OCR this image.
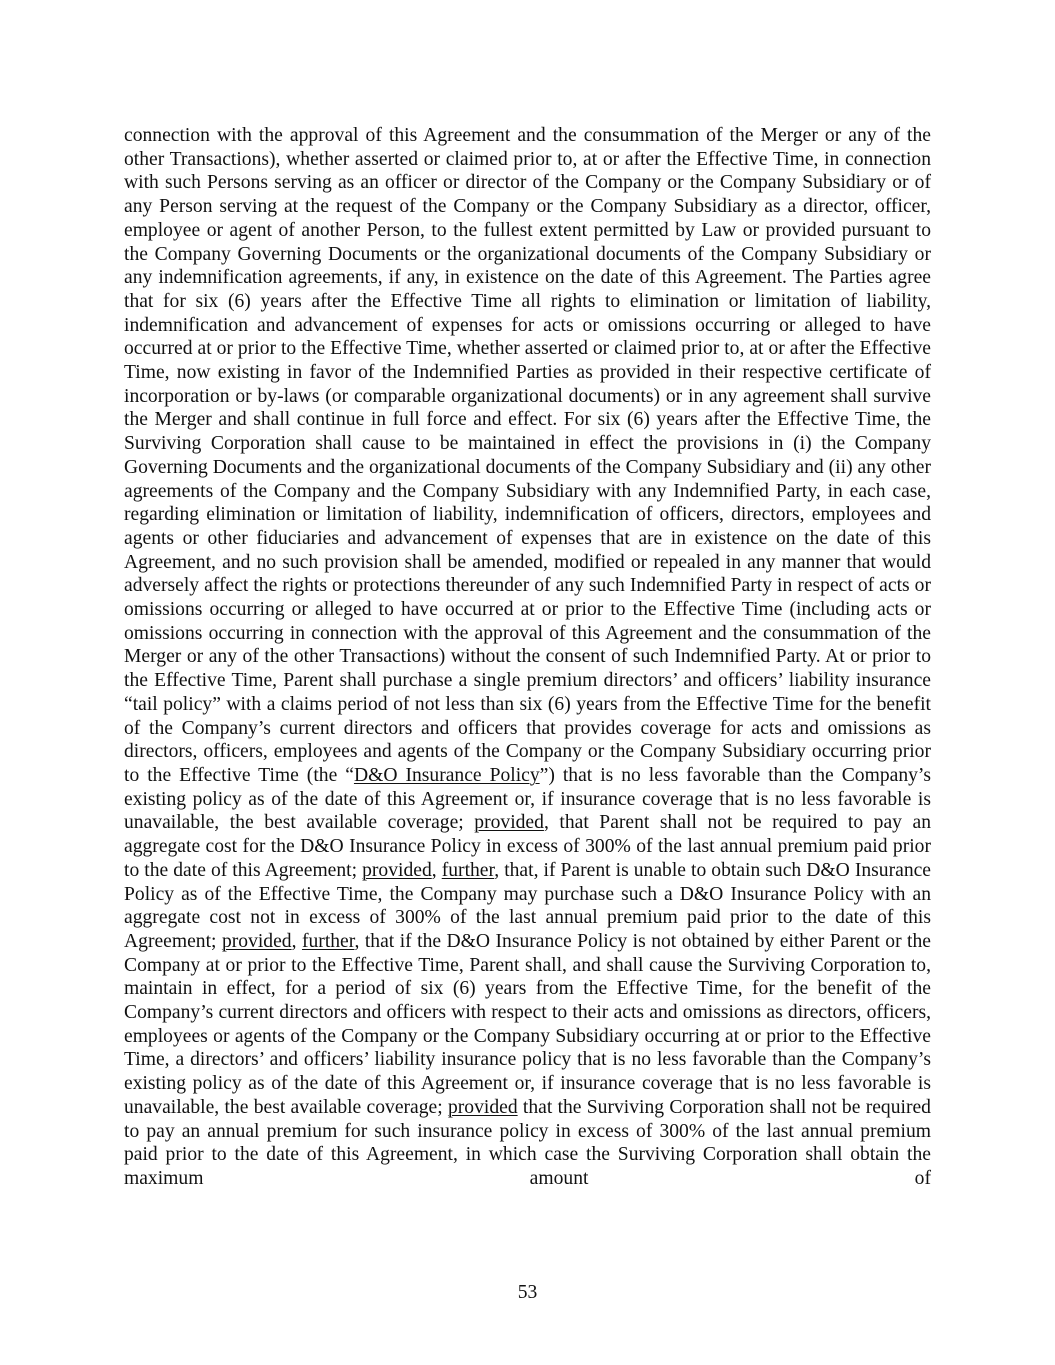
connection with the approval of this Agreement and the consummation of the Merger or any of the other Transactions), whether asserted or claimed prior to, at or after the Effective Time, in connection with such Persons serving as an officer or director of the Company or the Company Subsidiary or of any Person serving at the request of the Company or the Company Subsidiary as a director, officer, employee or agent of another Person, to the fullest extent permitted by Law or provided pursuant to the Company Governing Documents or the organizational documents of the Company Subsidiary or any indemnification agreements, if any, in existence on the date of this Agreement. The Parties agree that for six (6) years after the Effective Time all rights to elimination or limitation of liability, indemnification and advancement of expenses for acts or omissions occurring or alleged to have occurred at or prior to the Effective Time, whether asserted or claimed prior to, at or after the Effective Time, now existing in favor of the Indemnified Parties as provided in their respective certificate of incorporation or by-laws (or comparable organizational documents) or in any agreement shall survive the Merger and shall continue in full force and effect. For six (6) years after the Effective Time, the Surviving Corporation shall cause to be maintained in effect the provisions in (i) the Company Governing Documents and the organizational documents of the Company Subsidiary and (ii) any other agreements of the Company and the Company Subsidiary with any Indemnified Party, in each case, regarding elimination or limitation of liability, indemnification of officers, directors, employees and agents or other fiduciaries and advancement of expenses that are in existence on the date of this Agreement, and no such provision shall be amended, modified or repealed in any manner that would adversely affect the rights or protections thereunder of any such Indemnified Party in respect of acts or omissions occurring or alleged to have occurred at or prior to the Effective Time (including acts or omissions occurring in connection with the approval of this Agreement and the consummation of the Merger or any of the other Transactions) without the consent of such Indemnified Party. At or prior to the Effective Time, Parent shall purchase a single premium directors’ and officers’ liability insurance “tail policy” with a claims period of not less than six (6) years from the Effective Time for the benefit of the Company’s current directors and officers that provides coverage for acts and omissions as directors, officers, employees and agents of the Company or the Company Subsidiary occurring prior to the Effective Time (the “D&O Insurance Policy”) that is no less favorable than the Company’s existing policy as of the date of this Agreement or, if insurance coverage that is no less favorable is unavailable, the best available coverage; provided, that Parent shall not be required to pay an aggregate cost for the D&O Insurance Policy in excess of 300% of the last annual premium paid prior to the date of this Agreement; provided, further, that, if Parent is unable to obtain such D&O Insurance Policy as of the Effective Time, the Company may purchase such a D&O Insurance Policy with an aggregate cost not in excess of 300% of the last annual premium paid prior to the date of this Agreement; provided, further, that if the D&O Insurance Policy is not obtained by either Parent or the Company at or prior to the Effective Time, Parent shall, and shall cause the Surviving Corporation to, maintain in effect, for a period of six (6) years from the Effective Time, for the benefit of the Company’s current directors and officers with respect to their acts and omissions as directors, officers, employees or agents of the Company or the Company Subsidiary occurring at or prior to the Effective Time, a directors’ and officers’ liability insurance policy that is no less favorable than the Company’s existing policy as of the date of this Agreement or, if insurance coverage that is no less favorable is unavailable, the best available coverage; provided that the Surviving Corporation shall not be required to pay an annual premium for such insurance policy in excess of 300% of the last annual premium paid prior to the date of this Agreement, in which case the Surviving Corporation shall obtain the maximum amount of

53
